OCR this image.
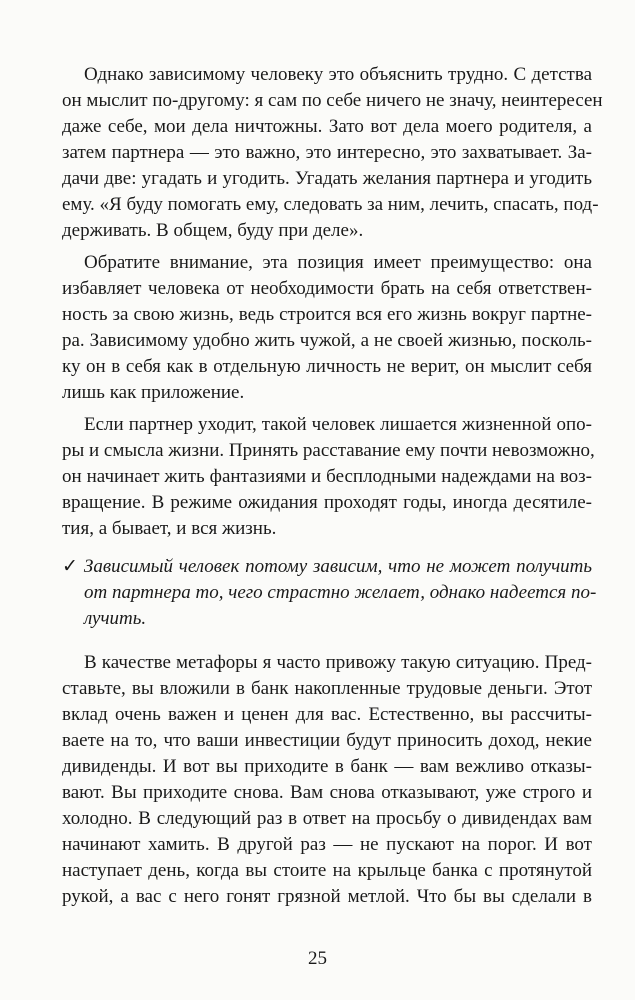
Однако зависимому человеку это объяснить трудно. С детства
он мыслит по-другому: я сам по себе ничего не значу, неинтересен
даже себе, мои дела ничтожны. Зато вот дела моего родителя, а
затем партнера — это важно, это интересно, это захватывает. За-
дачи две: угадать и угодить. Угадать желания партнера и угодить
ему. «Я буду помогать ему, следовать за ним, лечить, спасать, под-
держивать. В общем, буду при деле».
Обратите внимание, эта позиция имеет преимущество: она
избавляет человека от необходимости брать на себя ответствен-
ность за свою жизнь, ведь строится вся его жизнь вокруг партне-
ра. Зависимому удобно жить чужой, а не своей жизнью, посколь-
ку он в себя как в отдельную личность не верит, он мыслит себя
лишь как приложение.
Если партнер уходит, такой человек лишается жизненной опо-
ры и смысла жизни. Принять расставание ему почти невозможно,
он начинает жить фантазиями и бесплодными надеждами на воз-
вращение. В режиме ожидания проходят годы, иногда десятиле-
тия, а бывает, и вся жизнь.
✓ Зависимый человек потому зависим, что не может получить
от партнера то, чего страстно желает, однако надеется по-
лучить.
В качестве метафоры я часто привожу такую ситуацию. Пред-
ставьте, вы вложили в банк накопленные трудовые деньги. Этот
вклад очень важен и ценен для вас. Естественно, вы рассчиты-
ваете на то, что ваши инвестиции будут приносить доход, некие
дивиденды. И вот вы приходите в банк — вам вежливо отказы-
вают. Вы приходите снова. Вам снова отказывают, уже строго и
холодно. В следующий раз в ответ на просьбу о дивидендах вам
начинают хамить. В другой раз — не пускают на порог. И вот
наступает день, когда вы стоите на крыльце банка с протянутой
рукой, а вас с него гонят грязной метлой. Что бы вы сделали в
25
